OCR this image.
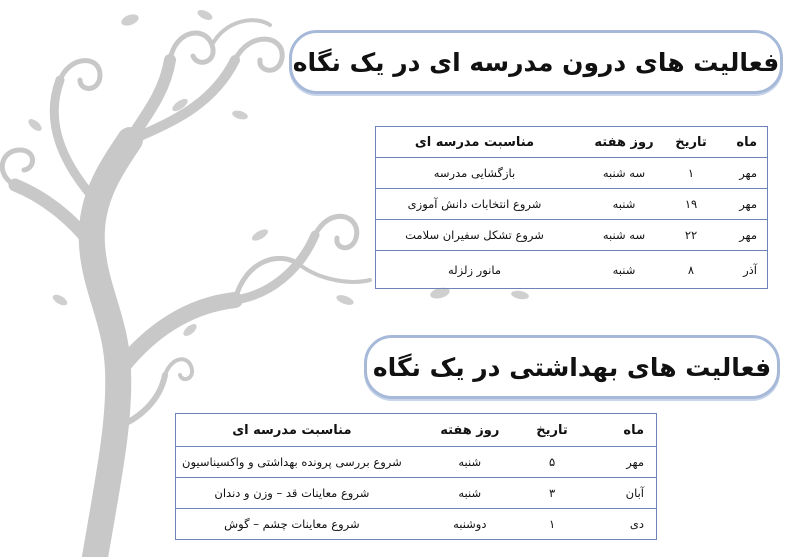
فعالیت های درون مدرسه ای در یک نگاه
ماه	تاریخ	روز هفته	مناسبت مدرسه ای
مهر	۱	سه شنبه	بازگشایی مدرسه
مهر	۱۹	شنبه	شروع انتخابات دانش آموزی
مهر	۲۲	سه شنبه	شروع تشکل سفیران سلامت
آذر	۸	شنبه	مانور زلزله
فعالیت های بهداشتی در یک نگاه
ماه	تاریخ	روز هفته	مناسبت مدرسه ای
مهر	۵	شنبه	شروع بررسی پرونده بهداشتی و واکسیناسیون
آبان	۳	شنبه	شروع معاینات قد – وزن و دندان
دی	۱	دوشنبه	شروع معاینات چشم – گوش
